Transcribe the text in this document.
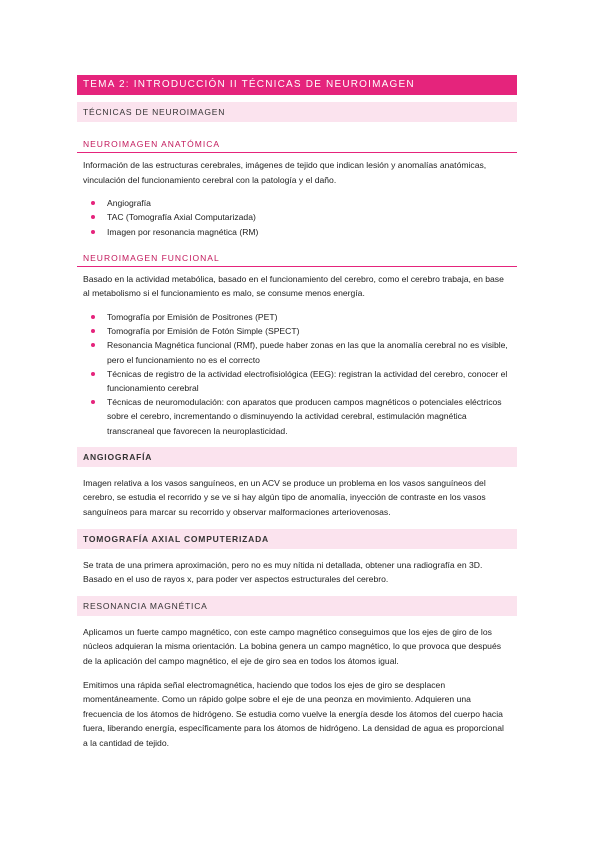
TEMA 2: INTRODUCCIÓN II TÉCNICAS DE NEUROIMAGEN
TÉCNICAS DE NEUROIMAGEN
NEUROIMAGEN ANATÓMICA

Información de las estructuras cerebrales, imágenes de tejido que indican lesión y anomalías anatómicas, vinculación del funcionamiento cerebral con la patología y el daño.

Angiografía
TAC (Tomografía Axial Computarizada)
Imagen por resonancia magnética (RM)
NEUROIMAGEN FUNCIONAL

Basado en la actividad metabólica, basado en el funcionamiento del cerebro, como el cerebro trabaja, en base al metabolismo si el funcionamiento es malo, se consume menos energía.

Tomografía por Emisión de Positrones (PET)
Tomografía por Emisión de Fotón Simple (SPECT)
Resonancia Magnética funcional (RMf), puede haber zonas en las que la anomalía cerebral no es visible, pero el funcionamiento no es el correcto
Técnicas de registro de la actividad electrofisiológica (EEG): registran la actividad del cerebro, conocer el funcionamiento cerebral
Técnicas de neuromodulación: con aparatos que producen campos magnéticos o potenciales eléctricos sobre el cerebro, incrementando o disminuyendo la actividad cerebral, estimulación magnética transcraneal que favorecen la neuroplasticidad.
ANGIOGRAFÍA

Imagen relativa a los vasos sanguíneos, en un ACV se produce un problema en los vasos sanguíneos del cerebro, se estudia el recorrido y se ve si hay algún tipo de anomalía, inyección de contraste en los vasos sanguíneos para marcar su recorrido y observar malformaciones arteriovenosas.

TOMOGRAFÍA AXIAL COMPUTERIZADA

Se trata de una primera aproximación, pero no es muy nítida ni detallada, obtener una radiografía en 3D. Basado en el uso de rayos x, para poder ver aspectos estructurales del cerebro.

RESONANCIA MAGNÉTICA

Aplicamos un fuerte campo magnético, con este campo magnético conseguimos que los ejes de giro de los núcleos adquieran la misma orientación. La bobina genera un campo magnético, lo que provoca que después de la aplicación del campo magnético, el eje de giro sea en todos los átomos igual.

Emitimos una rápida señal electromagnética, haciendo que todos los ejes de giro se desplacen momentáneamente. Como un rápido golpe sobre el eje de una peonza en movimiento. Adquieren una frecuencia de los átomos de hidrógeno. Se estudia como vuelve la energía desde los átomos del cuerpo hacia fuera, liberando energía, específicamente para los átomos de hidrógeno. La densidad de agua es proporcional a la cantidad de tejido.
